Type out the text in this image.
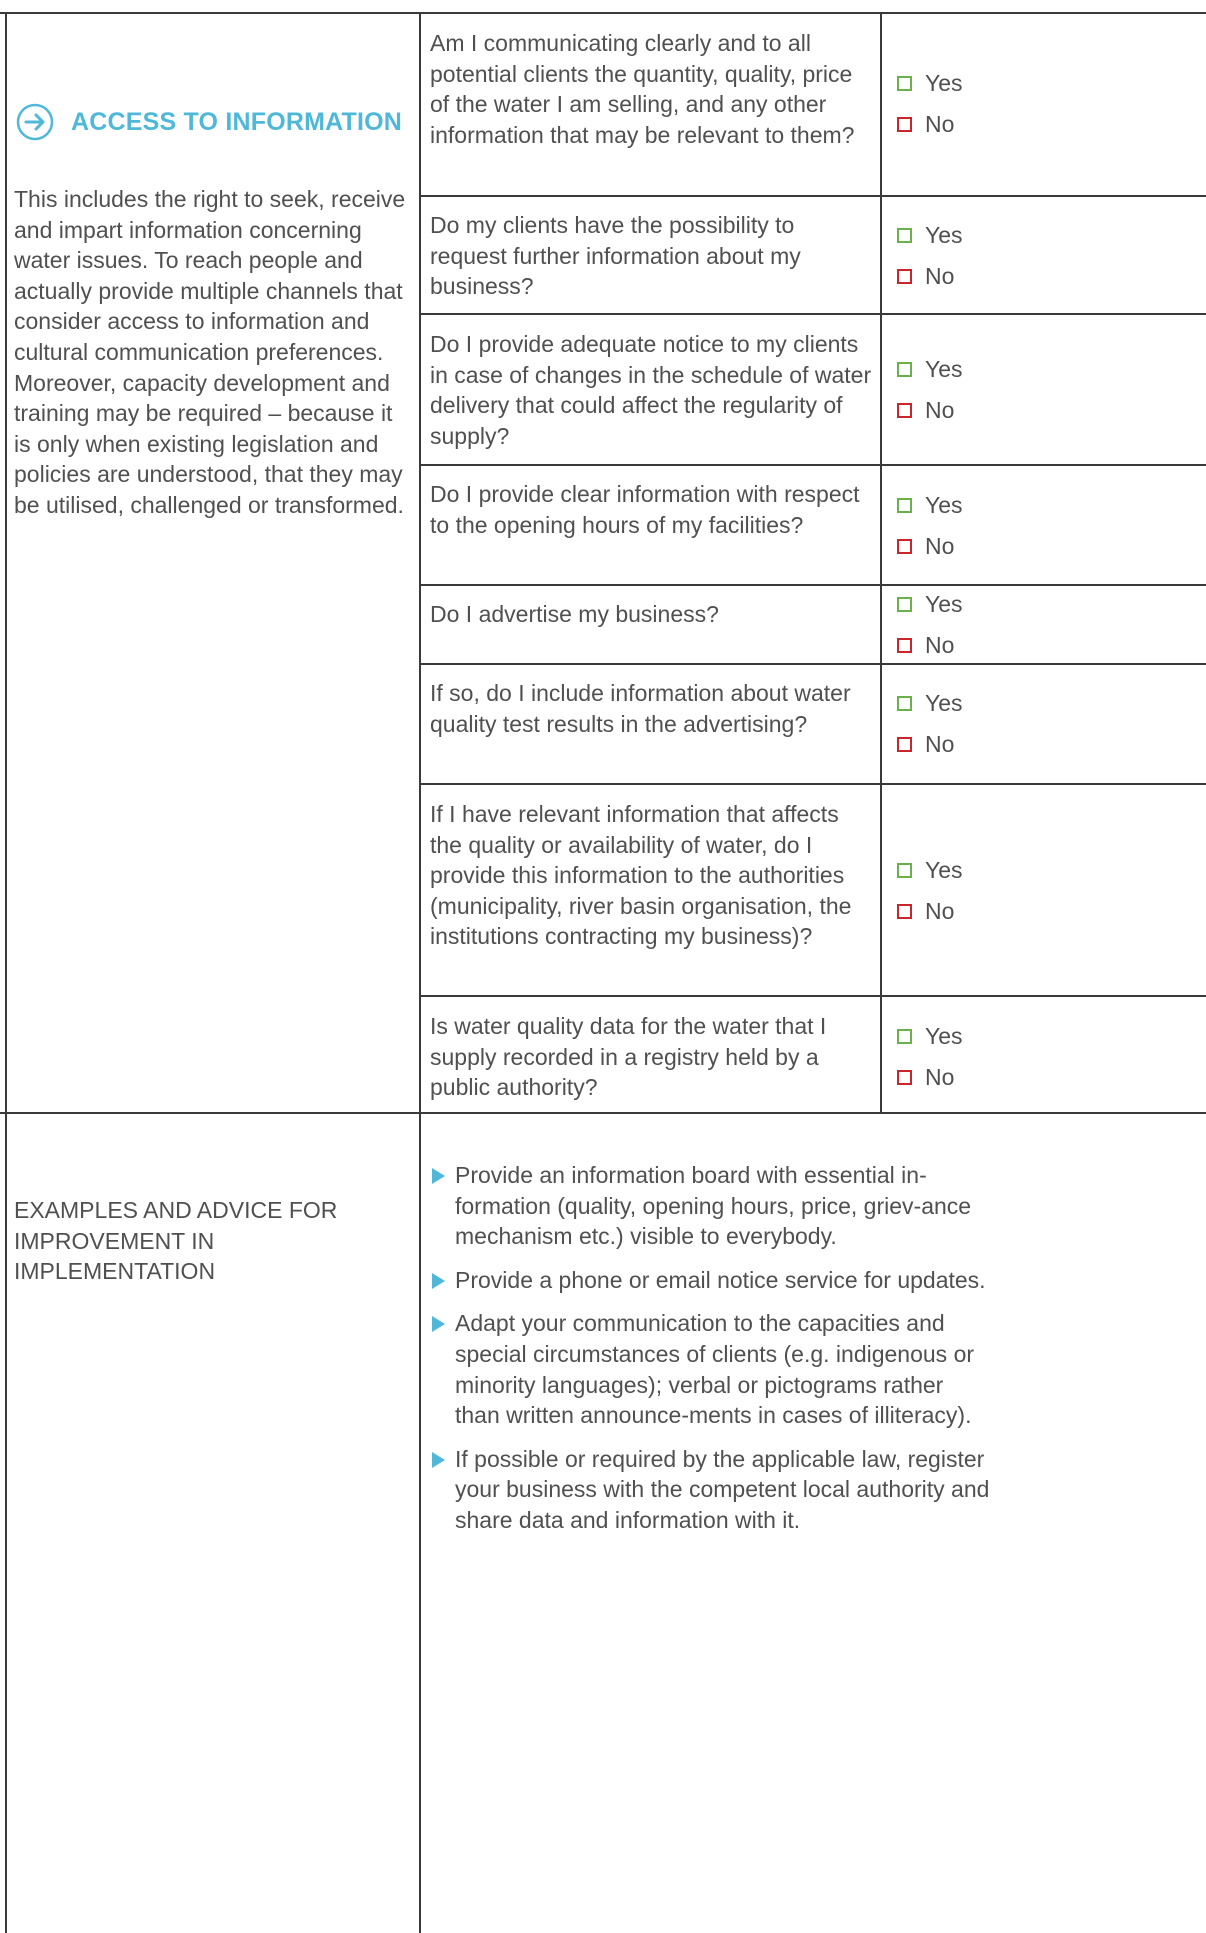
ACCESS TO INFORMATION
This includes the right to seek, receive and impart information concerning water issues. To reach people and actually provide multiple channels that consider access to information and cultural communication preferences. Moreover, capacity development and training may be required – because it is only when existing legislation and policies are understood, that they may be utilised, challenged or transformed.
Am I communicating clearly and to all potential clients the quantity, quality, price of the water I am selling, and any other information that may be relevant to them?
Do my clients have the possibility to request further information about my business?
Do I provide adequate notice to my clients in case of changes in the schedule of water delivery that could affect the regularity of supply?
Do I provide clear information with respect to the opening hours of my facilities?
Do I advertise my business?
If so, do I include information about water quality test results in the advertising?
If I have relevant information that affects the quality or availability of water, do I provide this information to the authorities (municipality, river basin organisation, the institutions contracting my business)?
Is water quality data for the water that I supply recorded in a registry held by a public authority?
Yes
No
Yes
No
Yes
No
Yes
No
Yes
No
Yes
No
Yes
No
Yes
No
EXAMPLES AND ADVICE FOR IMPROVEMENT IN IMPLEMENTATION
Provide an information board with essential in-formation (quality, opening hours, price, griev-ance mechanism etc.) visible to everybody.
Provide a phone or email notice service for updates.
Adapt your communication to the capacities and special circumstances of clients (e.g. indigenous or minority languages); verbal or pictograms rather than written announce-ments in cases of illiteracy).
If possible or required by the applicable law, register your business with the competent local authority and share data and information with it.
